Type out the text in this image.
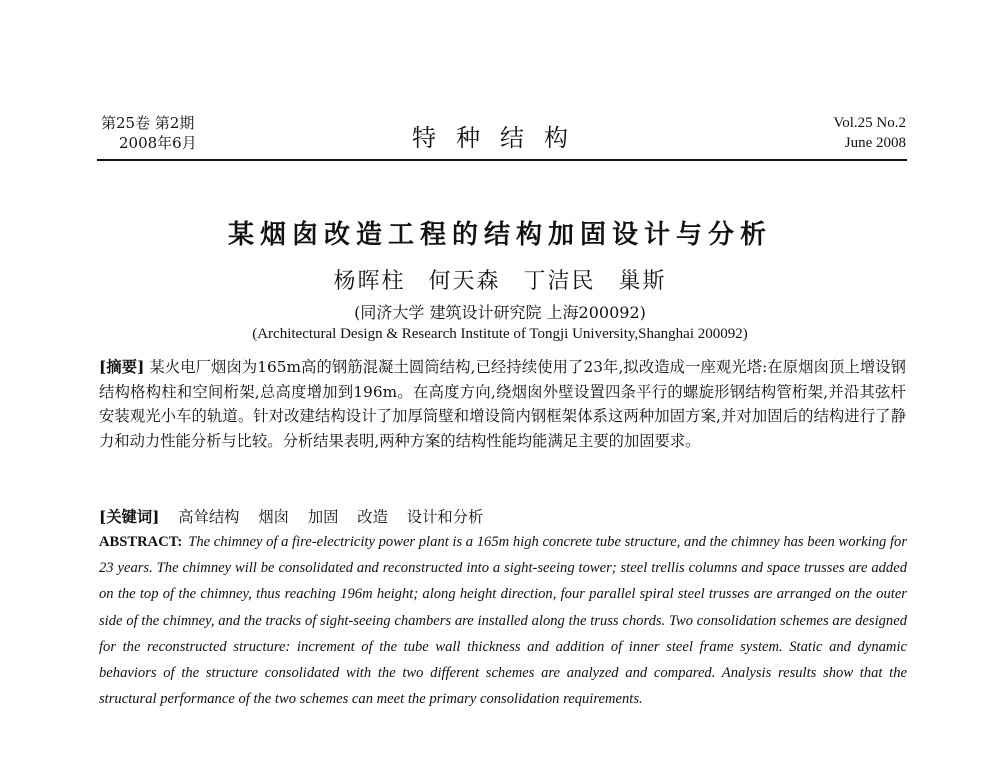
第25卷 第2期
2008年6月	特种结构
Vol.25 No.2
June 2008
某烟囱改造工程的结构加固设计与分析
杨晖柱 何天森 丁洁民 巢斯
(同济大学 建筑设计研究院 上海200092)
(Architectural Design & Research Institute of Tongji University,Shanghai 200092)
[摘要] 某火电厂烟囱为165m高的钢筋混凝土圆筒结构,已经持续使用了23年,拟改造成一座观光塔:在原烟囱顶上增设钢结构格构柱和空间桁架,总高度增加到196m。在高度方向,绕烟囱外壁设置四条平行的螺旋形钢结构管桁架,并沿其弦杆安装观光小车的轨道。针对改建结构设计了加厚筒壁和增设筒内钢框架体系这两种加固方案,并对加固后的结构进行了静力和动力性能分析与比较。分析结果表明,两种方案的结构性能均能满足主要的加固要求。
[关键词] 高耸结构 烟囱 加固 改造 设计和分析
ABSTRACT: The chimney of a fire-electricity power plant is a 165m high concrete tube structure, and the chimney has been working for 23 years. The chimney will be consolidated and reconstructed into a sight-seeing tower; steel trellis columns and space trusses are added on the top of the chimney, thus reaching 196m height; along height direction, four parallel spiral steel trusses are arranged on the outer side of the chimney, and the tracks of sight-seeing chambers are installed along the truss chords. Two consolidation schemes are designed for the reconstructed structure: increment of the tube wall thickness and addition of inner steel frame system. Static and dynamic behaviors of the structure consolidated with the two different schemes are analyzed and compared. Analysis results show that the structural performance of the two schemes can meet the primary consolidation requirements.
